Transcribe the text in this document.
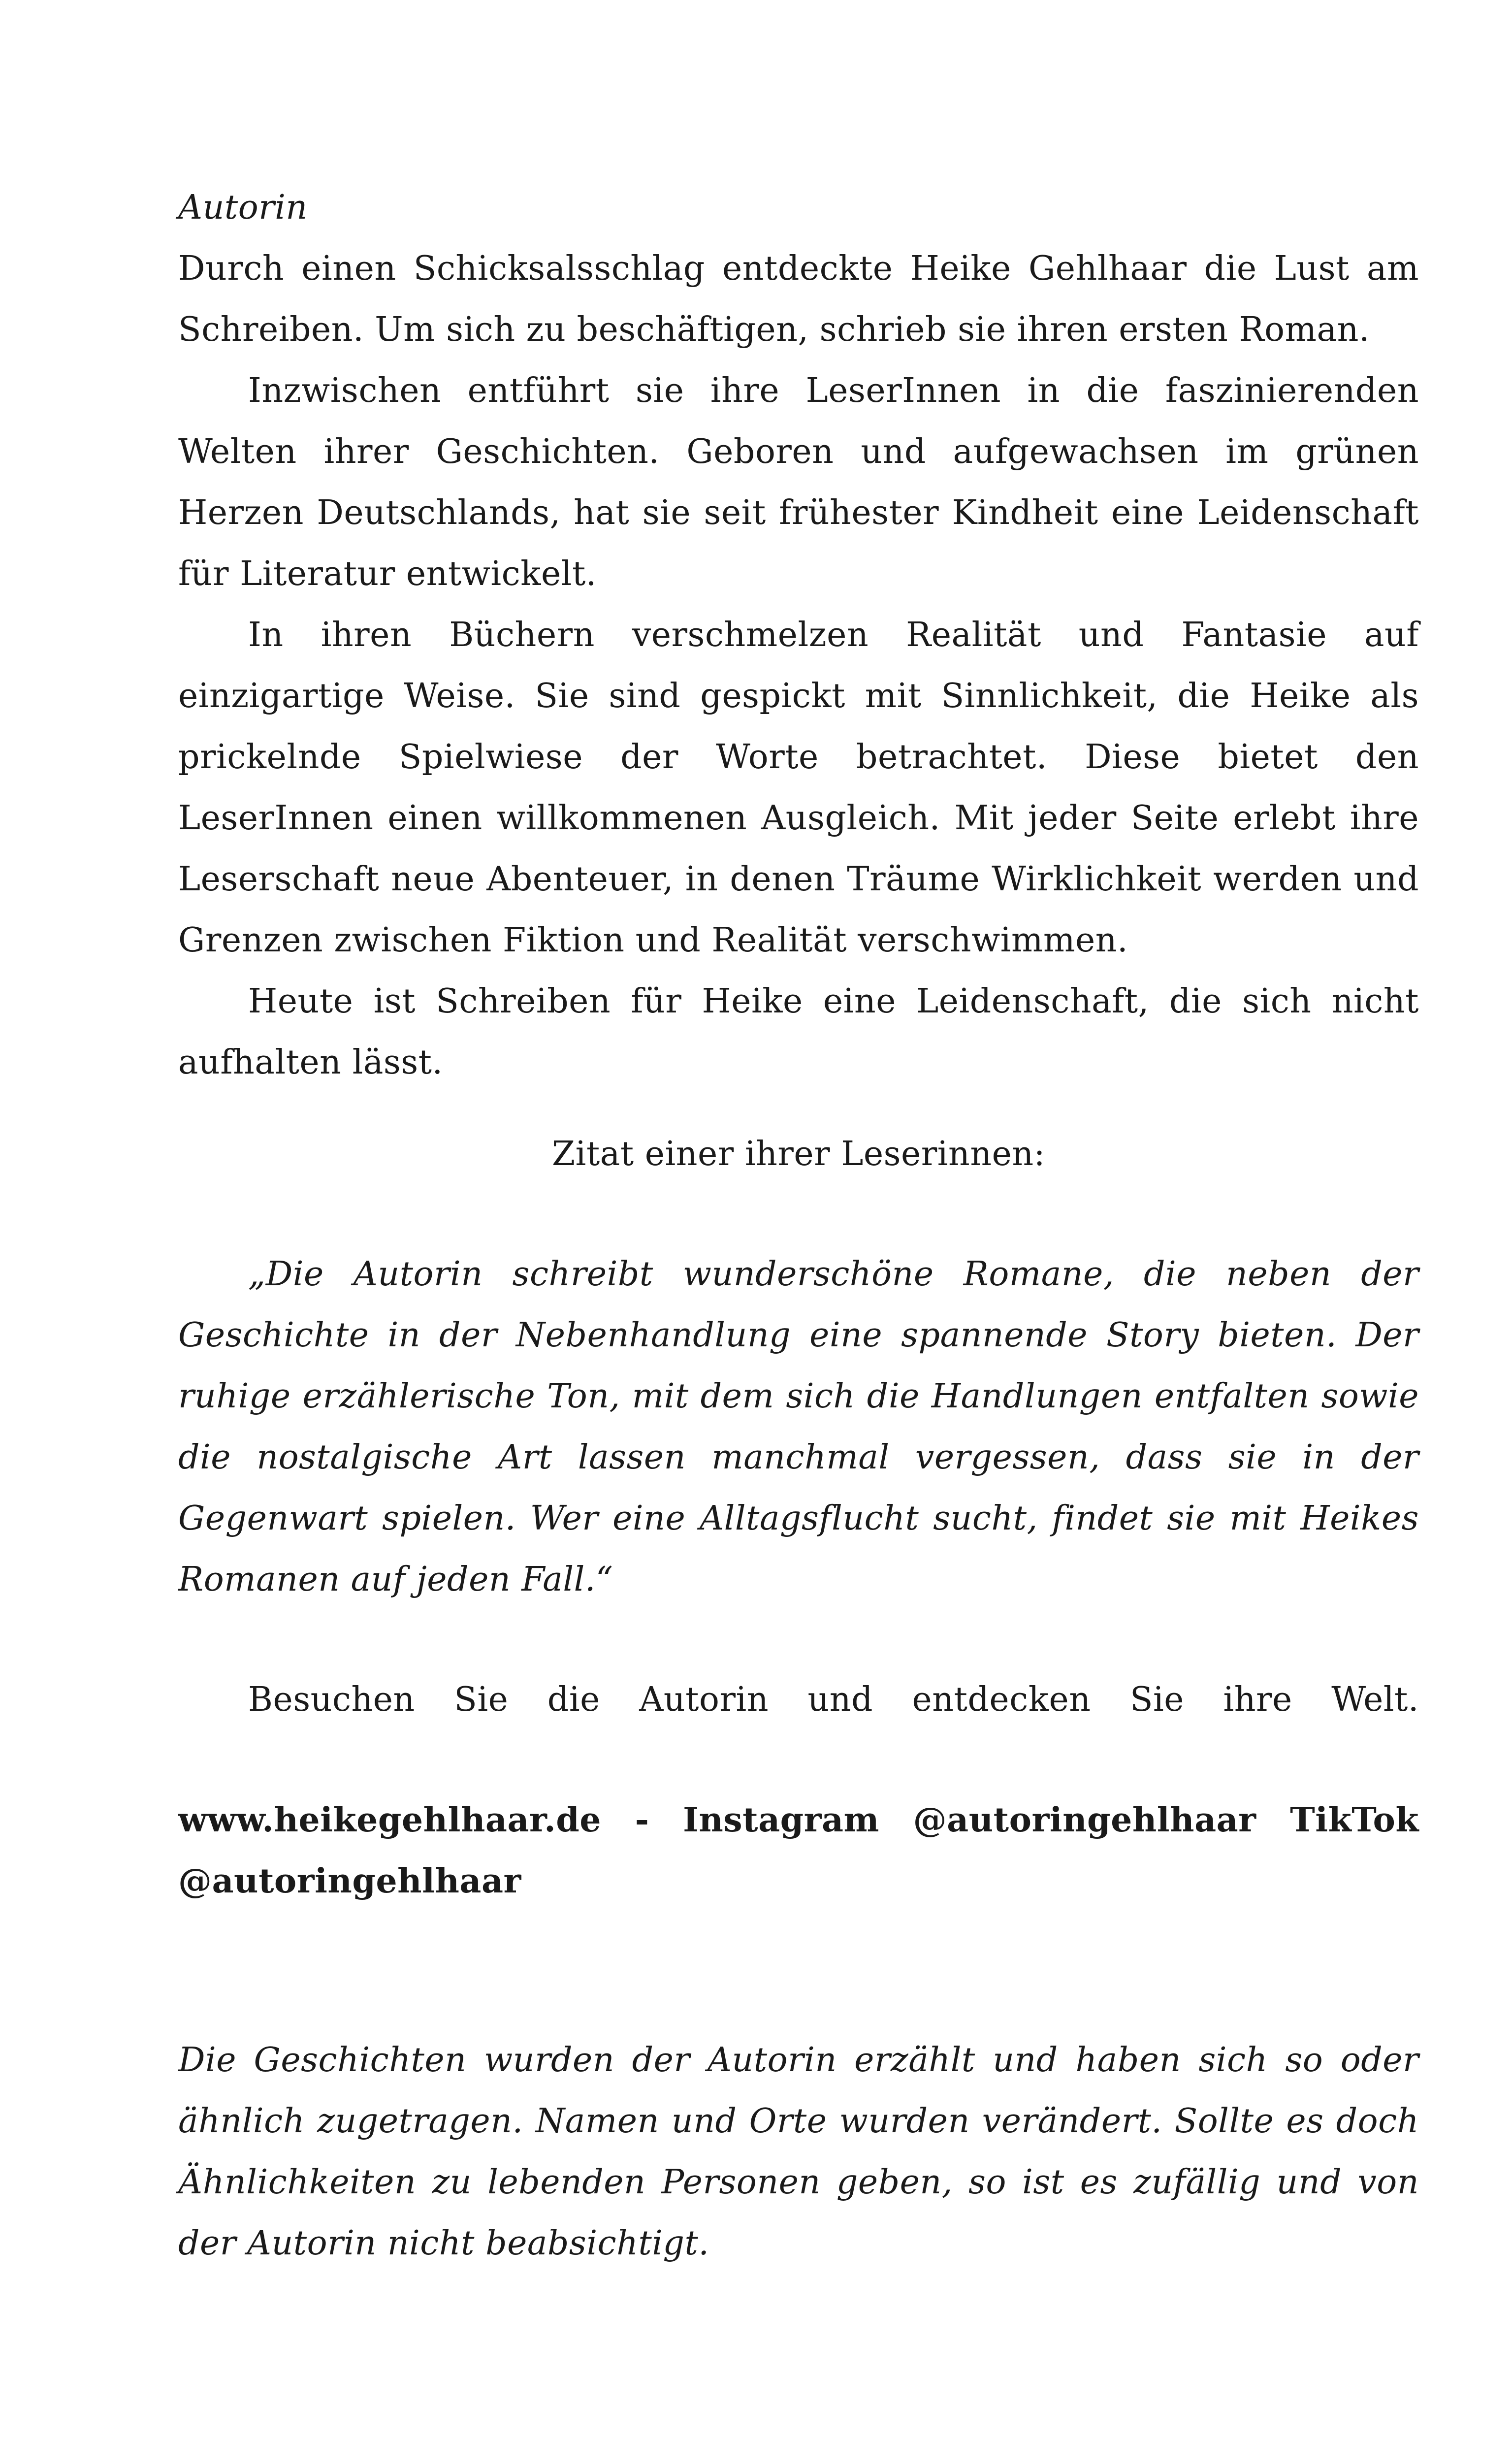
Autorin

Durch einen Schicksalsschlag entdeckte Heike Gehlhaar die Lust am Schreiben. Um sich zu beschäftigen, schrieb sie ihren ersten Roman.

Inzwischen entführt sie ihre LeserInnen in die faszinierenden Welten ihrer Geschichten. Geboren und aufgewachsen im grünen Herzen Deutschlands, hat sie seit frühester Kindheit eine Leidenschaft für Literatur entwickelt.

In ihren Büchern verschmelzen Realität und Fantasie auf einzigartige Weise. Sie sind gespickt mit Sinnlichkeit, die Heike als prickelnde Spielwiese der Worte betrachtet. Diese bietet den LeserInnen einen willkommenen Ausgleich. Mit jeder Seite erlebt ihre Leserschaft neue Abenteuer, in denen Träume Wirklichkeit werden und Grenzen zwischen Fiktion und Realität verschwimmen.

Heute ist Schreiben für Heike eine Leidenschaft, die sich nicht aufhalten lässt.

Zitat einer ihrer Leserinnen:

„Die Autorin schreibt wunderschöne Romane, die neben der Geschichte in der Nebenhandlung eine spannende Story bieten. Der ruhige erzählerische Ton, mit dem sich die Handlungen entfalten sowie die nostalgische Art lassen manchmal vergessen, dass sie in der Gegenwart spielen. Wer eine Alltagsflucht sucht, findet sie mit Heikes Romanen auf jeden Fall.“

Besuchen Sie die Autorin und entdecken Sie ihre Welt.

www.heikegehlhaar.de - Instagram @autoringehlhaar TikTok @autoringehlhaar

Die Geschichten wurden der Autorin erzählt und haben sich so oder ähnlich zugetragen. Namen und Orte wurden verändert. Sollte es doch Ähnlichkeiten zu lebenden Personen geben, so ist es zufällig und von der Autorin nicht beabsichtigt.
